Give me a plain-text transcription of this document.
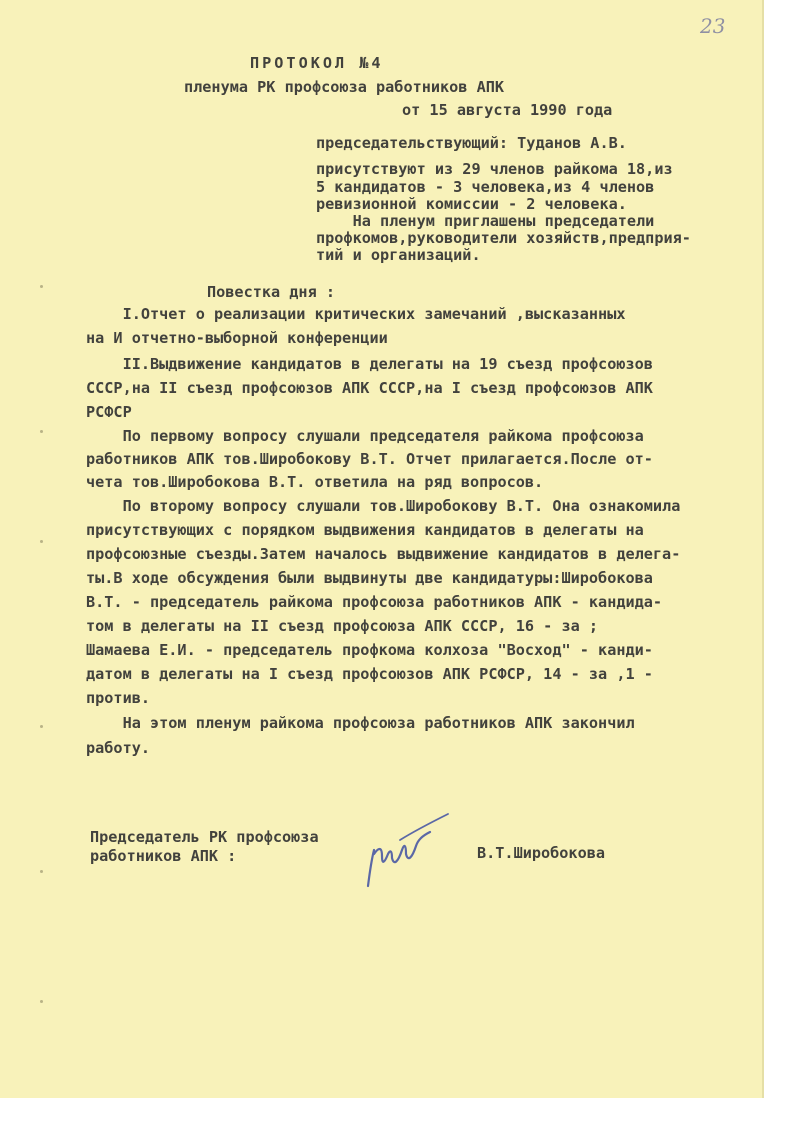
23
ПРОТОКОЛ №4
пленума РК профсоюза работников АПК
от 15 августа 1990 года
председательствующий: Туданов А.В.
присутствуют из 29 членов райкома 18,из
5 кандидатов - 3 человека,из 4 членов
ревизионной комиссии - 2 человека.
На пленум приглашены председатели
профкомов,руководители хозяйств,предприя-
тий и организаций.
Повестка дня :
I.Отчет о реализации критических замечаний ,высказанных
на И отчетно-выборной конференции
II.Выдвижение кандидатов в делегаты на 19 съезд профсоюзов
СССР,на II съезд профсоюзов АПК СССР,на I съезд профсоюзов АПК
РСФСР
По первому вопросу слушали председателя райкома профсоюза
работников АПК тов.Широбокову В.Т. Отчет прилагается.После от-
чета тов.Широбокова В.Т. ответила на ряд вопросов.
По второму вопросу слушали тов.Широбокову В.Т. Она ознакомила
присутствующих с порядком выдвижения кандидатов в делегаты на
профсоюзные съезды.Затем началось выдвижение кандидатов в делега-
ты.В ходе обсуждения были выдвинуты две кандидатуры:Широбокова
В.Т. - председатель райкома профсоюза работников АПК - кандида-
том в делегаты на II съезд профсоюза АПК СССР, 16 - за ;
Шамаева Е.И. - председатель профкома колхоза "Восход" - канди-
датом в делегаты на I съезд профсоюзов АПК РСФСР, 14 - за ,1 -
против.
На этом пленум райкома профсоюза работников АПК закончил
работу.
Председатель РК профсоюза
работников АПК :	В.Т.Широбокова
